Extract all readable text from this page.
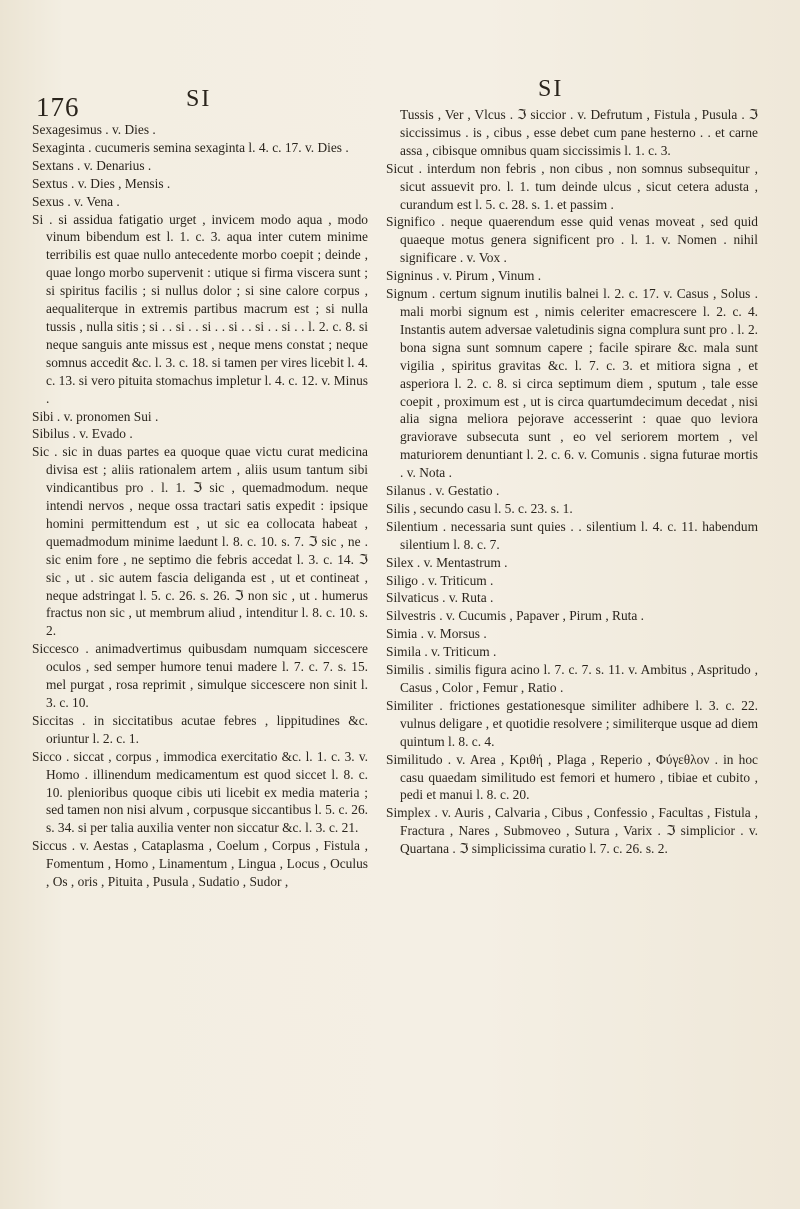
176	SI	SI
Sexagesimus . v. Dies .
Sexaginta . cucumeris semina sexaginta l. 4. c. 17. v. Dies .
Sextans . v. Denarius .
Sextus . v. Dies , Mensis .
Sexus . v. Vena .
Si . si assidua fatigatio urget , invicem modo aqua , modo vinum bibendum est l. 1. c. 3. aqua inter cutem minime terribilis est quae nullo antecedente morbo coepit ; deinde , quae longo morbo supervenit : utique si firma viscera sunt ; si spiritus facilis ; si nullus dolor ; si sine calore corpus , aequaliterque in extremis partibus macrum est ; si nulla tussis , nulla sitis ; si . . si . . si . . si . . si . . si . . l. 2. c. 8. si neque sanguis ante missus est , neque mens constat ; neque somnus accedit &c. l. 3. c. 18. si tamen per vires licebit l. 4. c. 13. si vero pituita stomachus impletur l. 4. c. 12. v. Minus .
Sibi . v. pronomen Sui .
Sibilus . v. Evado .
Sic . sic in duas partes ea quoque quae victu curat medicina divisa est ; aliis rationalem artem , aliis usum tantum sibi vindicantibus pro . l. 1. ℑ sic , quemadmodum. neque intendi nervos , neque ossa tractari satis expedit : ipsique homini permittendum est , ut sic ea collocata habeat , quemadmodum minime laedunt l. 8. c. 10. s. 7. ℑ sic , ne . sic enim fore , ne septimo die febris accedat l. 3. c. 14. ℑ sic , ut . sic autem fascia deliganda est , ut et contineat , neque adstringat l. 5. c. 26. s. 26. ℑ non sic , ut . humerus fractus non sic , ut membrum aliud , intenditur l. 8. c. 10. s. 2.
Siccesco . animadvertimus quibusdam numquam siccescere oculos , sed semper humore tenui madere l. 7. c. 7. s. 15. mel purgat , rosa reprimit , simulque siccescere non sinit l. 3. c. 10.
Siccitas . in siccitatibus acutae febres , lippitudines &c. oriuntur l. 2. c. 1.
Sicco . siccat , corpus , immodica exercitatio &c. l. 1. c. 3. v. Homo . illinendum medicamentum est quod siccet l. 8. c. 10. plenioribus quoque cibis uti licebit ex media materia ; sed tamen non nisi alvum , corpusque siccantibus l. 5. c. 26. s. 34. si per talia auxilia venter non siccatur &c. l. 3. c. 21.
Siccus . v. Aestas , Cataplasma , Coelum , Corpus , Fistula , Fomentum , Homo , Linamentum , Lingua , Locus , Oculus , Os , oris , Pituita , Pusula , Sudatio , Sudor ,
Tussis , Ver , Vlcus . ℑ siccior . v. Defrutum , Fistula , Pusula . ℑ siccissimus . is , cibus , esse debet cum pane hesterno . . et carne assa , cibisque omnibus quam siccissimis l. 1. c. 3.
Sicut . interdum non febris , non cibus , non somnus subsequitur , sicut assuevit pro. l. 1. tum deinde ulcus , sicut cetera adusta , curandum est l. 5. c. 28. s. 1. et passim .
Significo . neque quaerendum esse quid venas moveat , sed quid quaeque motus genera significent pro . l. 1. v. Nomen . nihil significare . v. Vox .
Signinus . v. Pirum , Vinum .
Signum . certum signum inutilis balnei l. 2. c. 17. v. Casus , Solus . mali morbi signum est , nimis celeriter emacrescere l. 2. c. 4. Instantis autem adversae valetudinis signa complura sunt pro . l. 2. bona signa sunt somnum capere ; facile spirare &c. mala sunt vigilia , spiritus gravitas &c. l. 7. c. 3. et mitiora signa , et asperiora l. 2. c. 8. si circa septimum diem , sputum , tale esse coepit , proximum est , ut is circa quartumdecimum decedat , nisi alia signa meliora pejorave accesserint : quae quo leviora graviorave subsecuta sunt , eo vel seriorem mortem , vel maturiorem denuntiant l. 2. c. 6. v. Comunis . signa futurae mortis . v. Nota .
Silanus . v. Gestatio .
Silis , secundo casu l. 5. c. 23. s. 1.
Silentium . necessaria sunt quies . . silentium l. 4. c. 11. habendum silentium l. 8. c. 7.
Silex . v. Mentastrum .
Siligo . v. Triticum .
Silvaticus . v. Ruta .
Silvestris . v. Cucumis , Papaver , Pirum , Ruta .
Simia . v. Morsus .
Simila . v. Triticum .
Similis . similis figura acino l. 7. c. 7. s. 11. v. Ambitus , Aspritudo , Casus , Color , Femur , Ratio .
Similiter . frictiones gestationesque similiter adhibere l. 3. c. 22. vulnus deligare , et quotidie resolvere ; similiterque usque ad diem quintum l. 8. c. 4.
Similitudo . v. Area , Κριθή , Plaga , Reperio , Φύγεθλον . in hoc casu quaedam similitudo est femori et humero , tibiae et cubito , pedi et manui l. 8. c. 20.
Simplex . v. Auris , Calvaria , Cibus , Confessio , Facultas , Fistula , Fractura , Nares , Submoveo , Sutura , Varix . ℑ simplicior . v. Quartana . ℑ simplicissima curatio l. 7. c. 26. s. 2.
